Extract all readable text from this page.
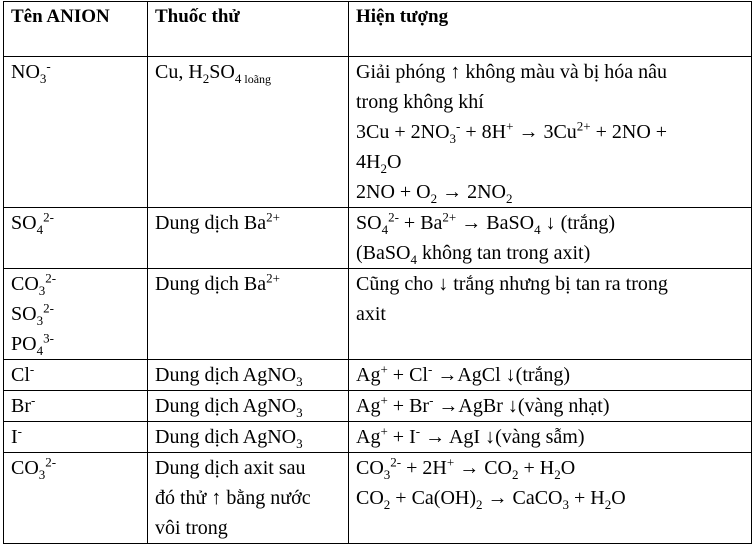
Tên ANION	Thuốc thử	Hiện tượng

$NO_3^-$	Cu, $H_2SO_4$ $_{loãng}$	Giải phóng ↑ không màu và bị hóa nâu
trong không khí
$3Cu + 2NO_3^- + 8H^+ \to 3Cu^{2+} + 2NO$ +
$4H_2O$
$2NO + O_2 \to 2NO_2$

$SO_4^{2-}$	Dung dịch $Ba^{2+}$	$SO_4^{2-} + Ba^{2+}$ → BaSO$_4$ ↓ (trắng)
(BaSO$_4$ không tan trong axit)

$CO_3^{2-}$
$SO_3^{2-}$
$PO_4^{3-}$	Dung dịch $Ba^{2+}$	Cũng cho ↓ trắng nhưng bị tan ra trong
axit

Cl-	Dung dịch AgNO$_3$	Ag+ + Cl- →AgCl ↓(trắng)

Br-	Dung dịch AgNO$_3$	Ag+ + Br- →AgBr ↓(vàng nhạt)

I-	Dung dịch AgNO$_3$	Ag+ + I- → AgI ↓(vàng sẫm)

$CO_3^{2-}$	Dung dịch axit sau
đó thử ↑ bằng nước
vôi trong	$CO_3^{2-} + 2H^+ \to CO_2 + H_2O$
$CO_2 + Ca(OH)_2$ → CaCO$_3$ + $H_2O$
